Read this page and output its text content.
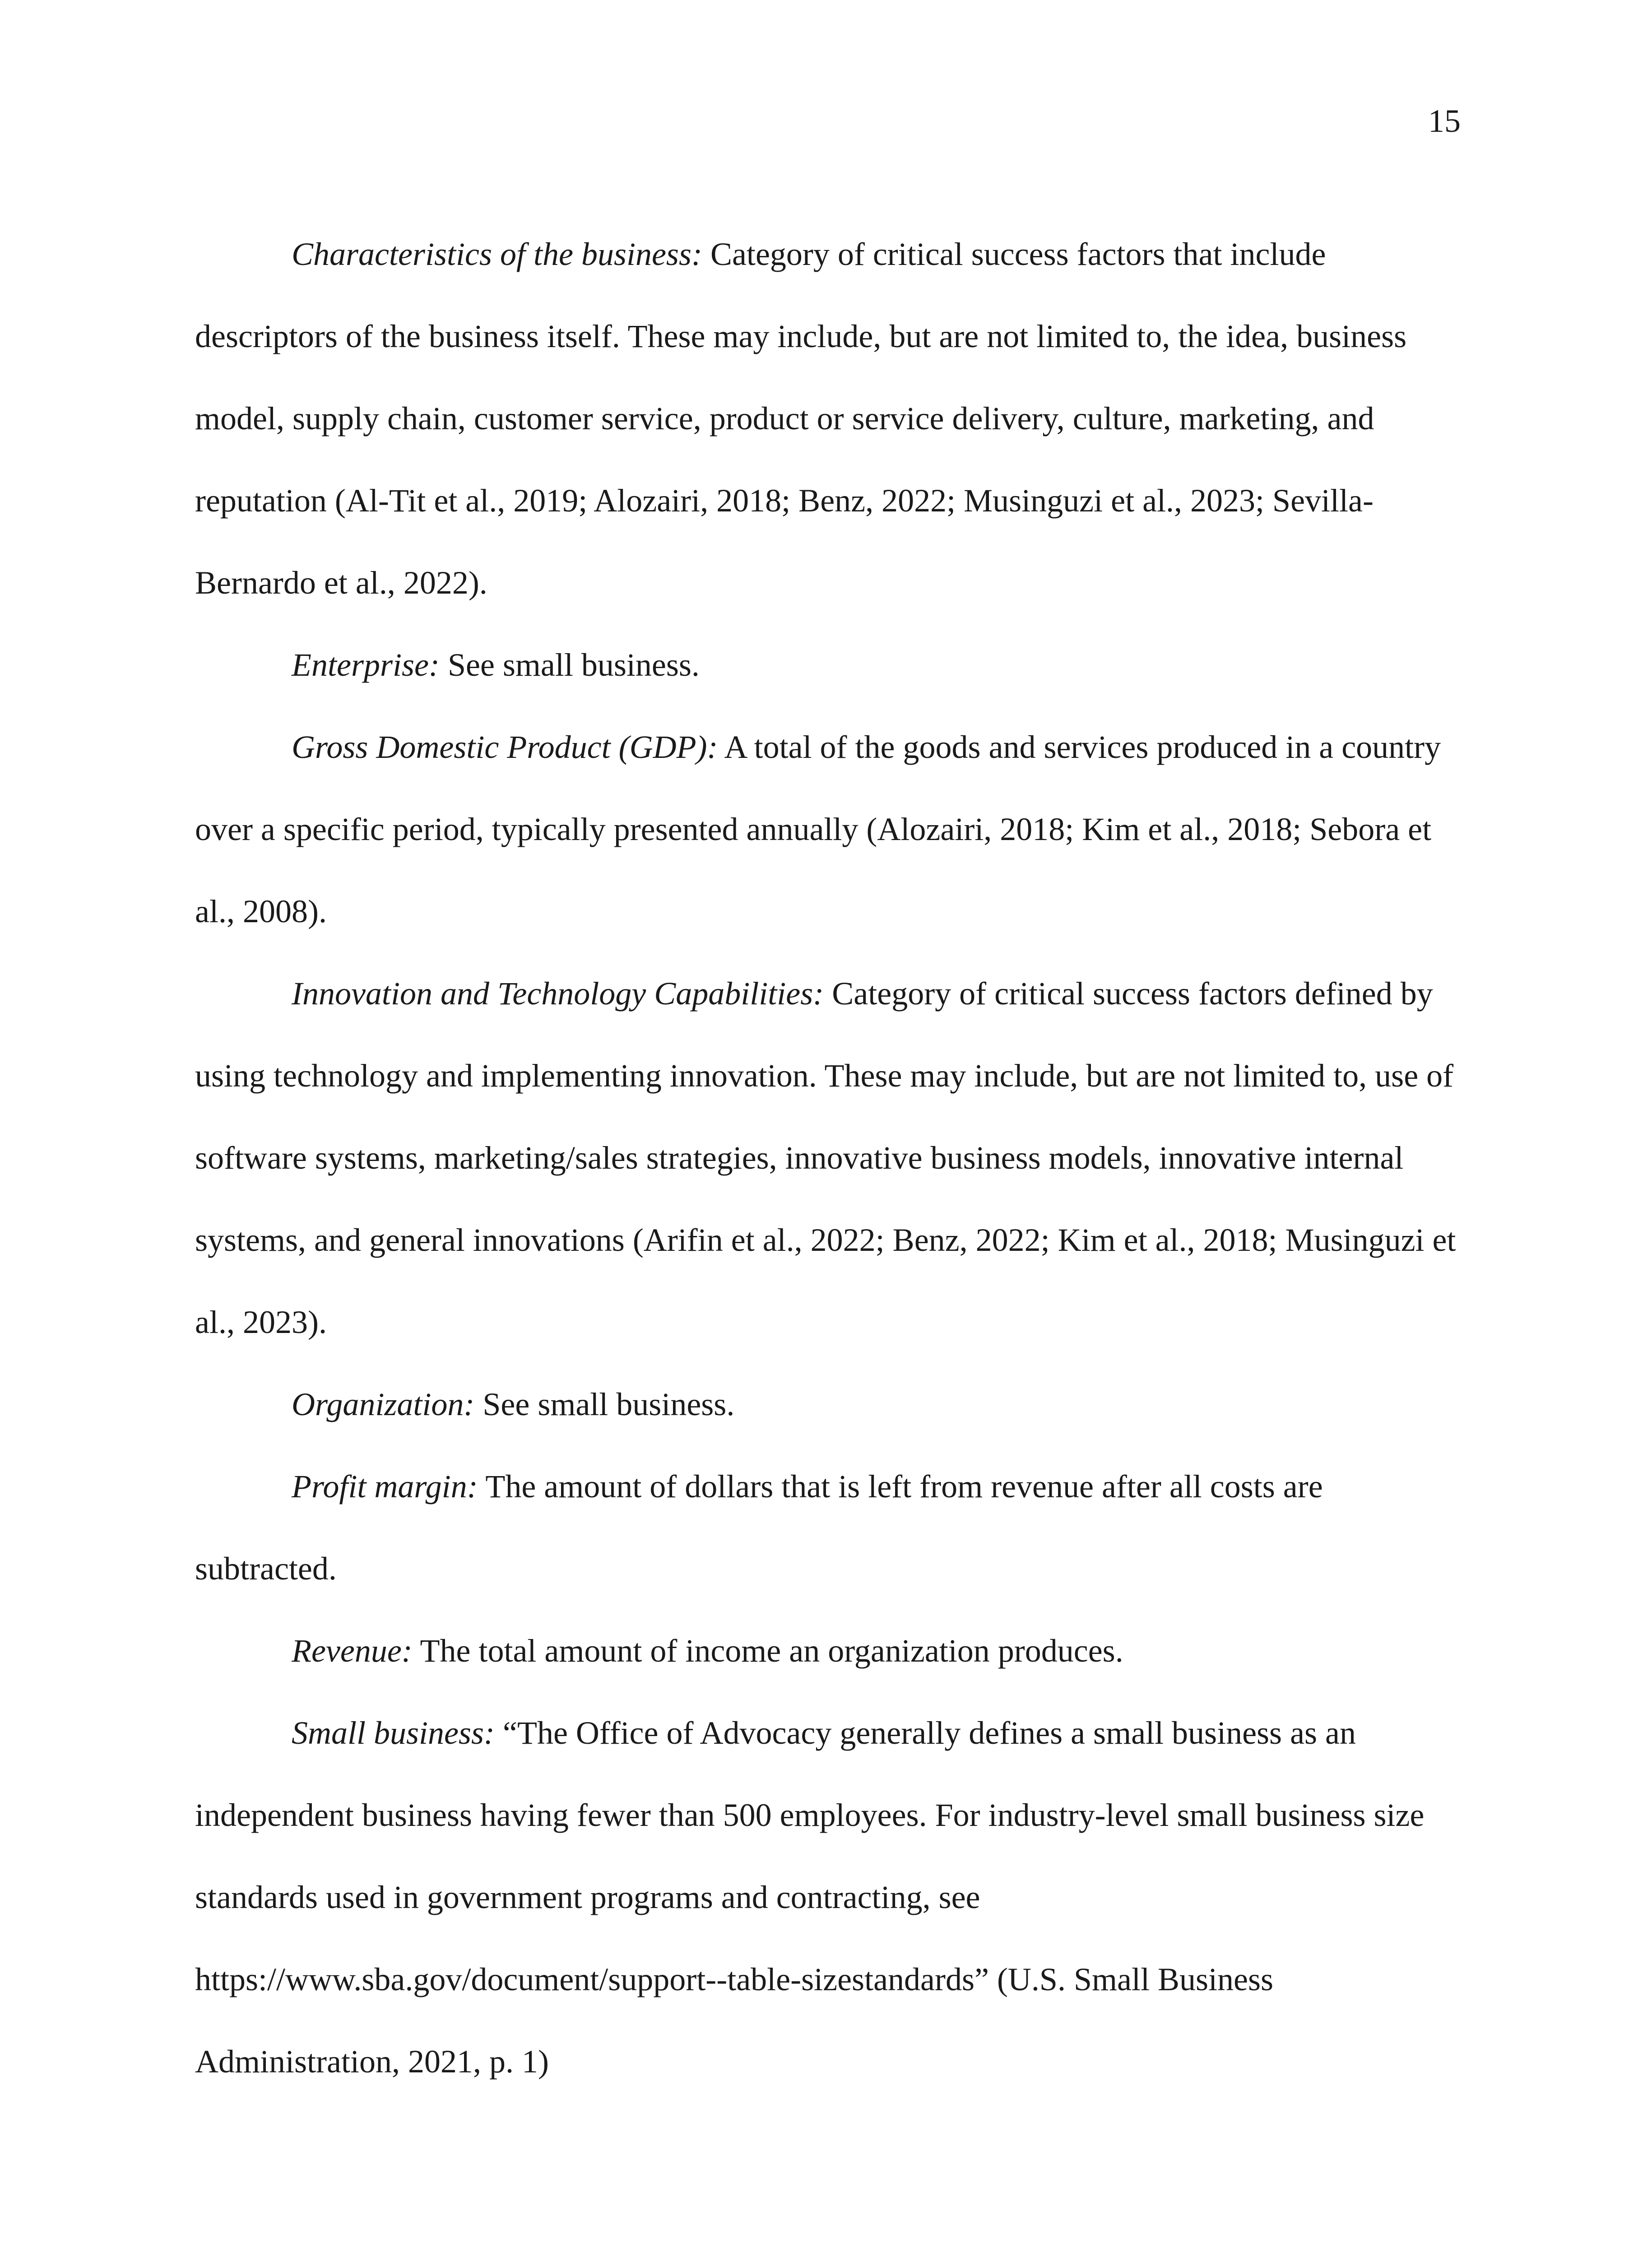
15

Characteristics of the business: Category of critical success factors that include descriptors of the business itself. These may include, but are not limited to, the idea, business model, supply chain, customer service, product or service delivery, culture, marketing, and reputation (Al-Tit et al., 2019; Alozairi, 2018; Benz, 2022; Musinguzi et al., 2023; Sevilla-Bernardo et al., 2022).

Enterprise: See small business.

Gross Domestic Product (GDP): A total of the goods and services produced in a country over a specific period, typically presented annually (Alozairi, 2018; Kim et al., 2018; Sebora et al., 2008).

Innovation and Technology Capabilities: Category of critical success factors defined by using technology and implementing innovation. These may include, but are not limited to, use of software systems, marketing/sales strategies, innovative business models, innovative internal systems, and general innovations (Arifin et al., 2022; Benz, 2022; Kim et al., 2018; Musinguzi et al., 2023).

Organization: See small business.

Profit margin: The amount of dollars that is left from revenue after all costs are subtracted.

Revenue: The total amount of income an organization produces.

Small business: “The Office of Advocacy generally defines a small business as an independent business having fewer than 500 employees. For industry-level small business size standards used in government programs and contracting, see https://www.sba.gov/document/support--table-sizestandards” (U.S. Small Business Administration, 2021, p. 1)
